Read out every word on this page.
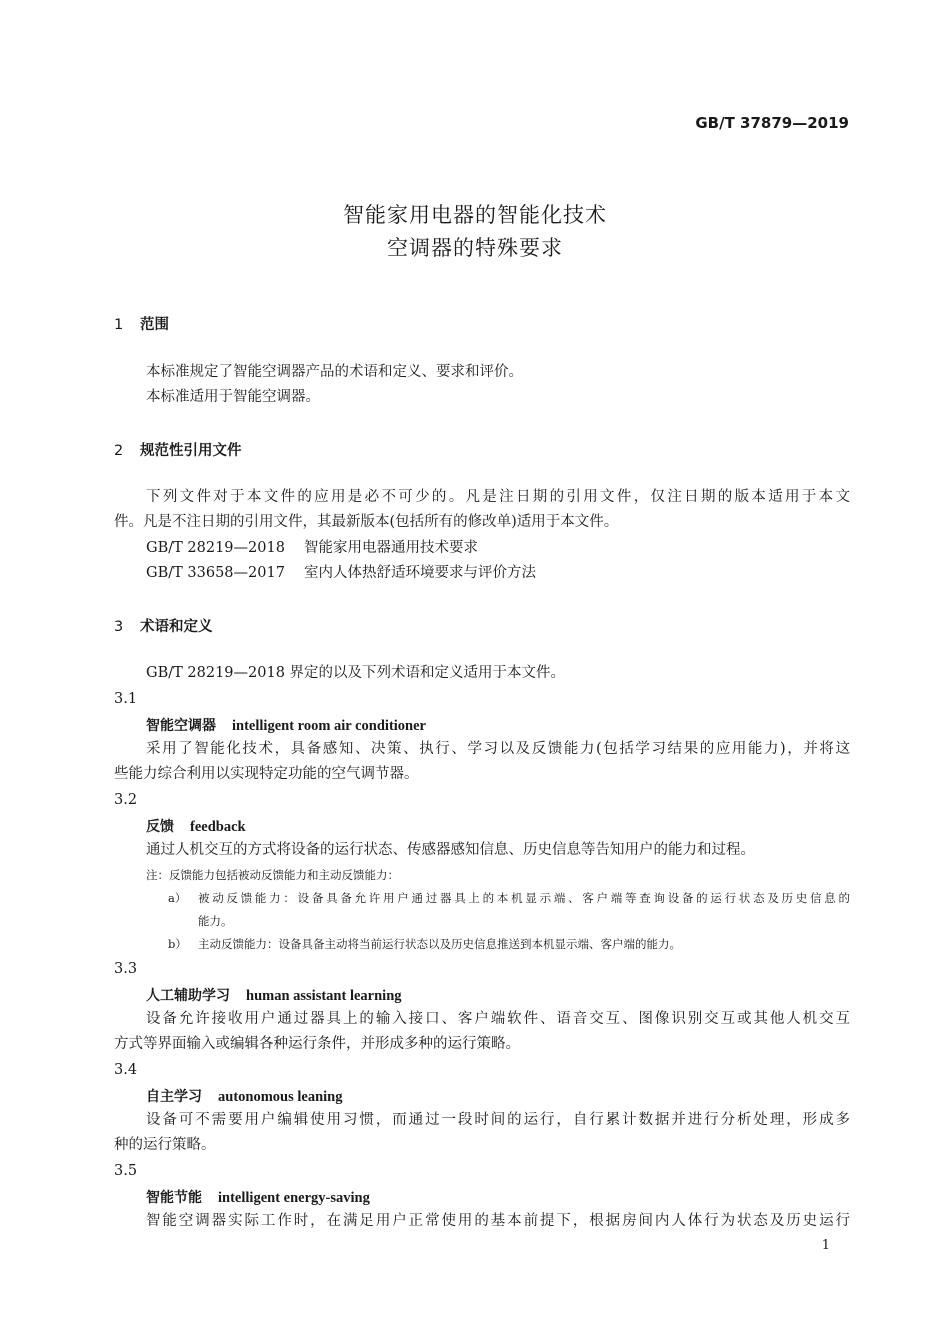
GB/T 37879—2019
智能家用电器的智能化技术
空调器的特殊要求
1 范围
本标准规定了智能空调器产品的术语和定义、要求和评价。
本标准适用于智能空调器。
2 规范性引用文件
下列文件对于本文件的应用是必不可少的。凡是注日期的引用文件，仅注日期的版本适用于本文
件。凡是不注日期的引用文件，其最新版本(包括所有的修改单)适用于本文件。
GB/T 28219—2018 智能家用电器通用技术要求
GB/T 33658—2017 室内人体热舒适环境要求与评价方法
3 术语和定义
GB/T 28219—2018 界定的以及下列术语和定义适用于本文件。
3.1
智能空调器 intelligent room air conditioner
采用了智能化技术，具备感知、决策、执行、学习以及反馈能力(包括学习结果的应用能力)，并将这
些能力综合利用以实现特定功能的空气调节器。
3.2
反馈 feedback
通过人机交互的方式将设备的运行状态、传感器感知信息、历史信息等告知用户的能力和过程。
注：反馈能力包括被动反馈能力和主动反馈能力：
a） 被动反馈能力：设备具备允许用户通过器具上的本机显示端、客户端等查询设备的运行状态及历史信息的
能力。
b） 主动反馈能力：设备具备主动将当前运行状态以及历史信息推送到本机显示端、客户端的能力。
3.3
人工辅助学习 human assistant learning
设备允许接收用户通过器具上的输入接口、客户端软件、语音交互、图像识别交互或其他人机交互
方式等界面输入或编辑各种运行条件，并形成多种的运行策略。
3.4
自主学习 autonomous leaning
设备可不需要用户编辑使用习惯，而通过一段时间的运行，自行累计数据并进行分析处理，形成多
种的运行策略。
3.5
智能节能 intelligent energy-saving
智能空调器实际工作时，在满足用户正常使用的基本前提下，根据房间内人体行为状态及历史运行
1
